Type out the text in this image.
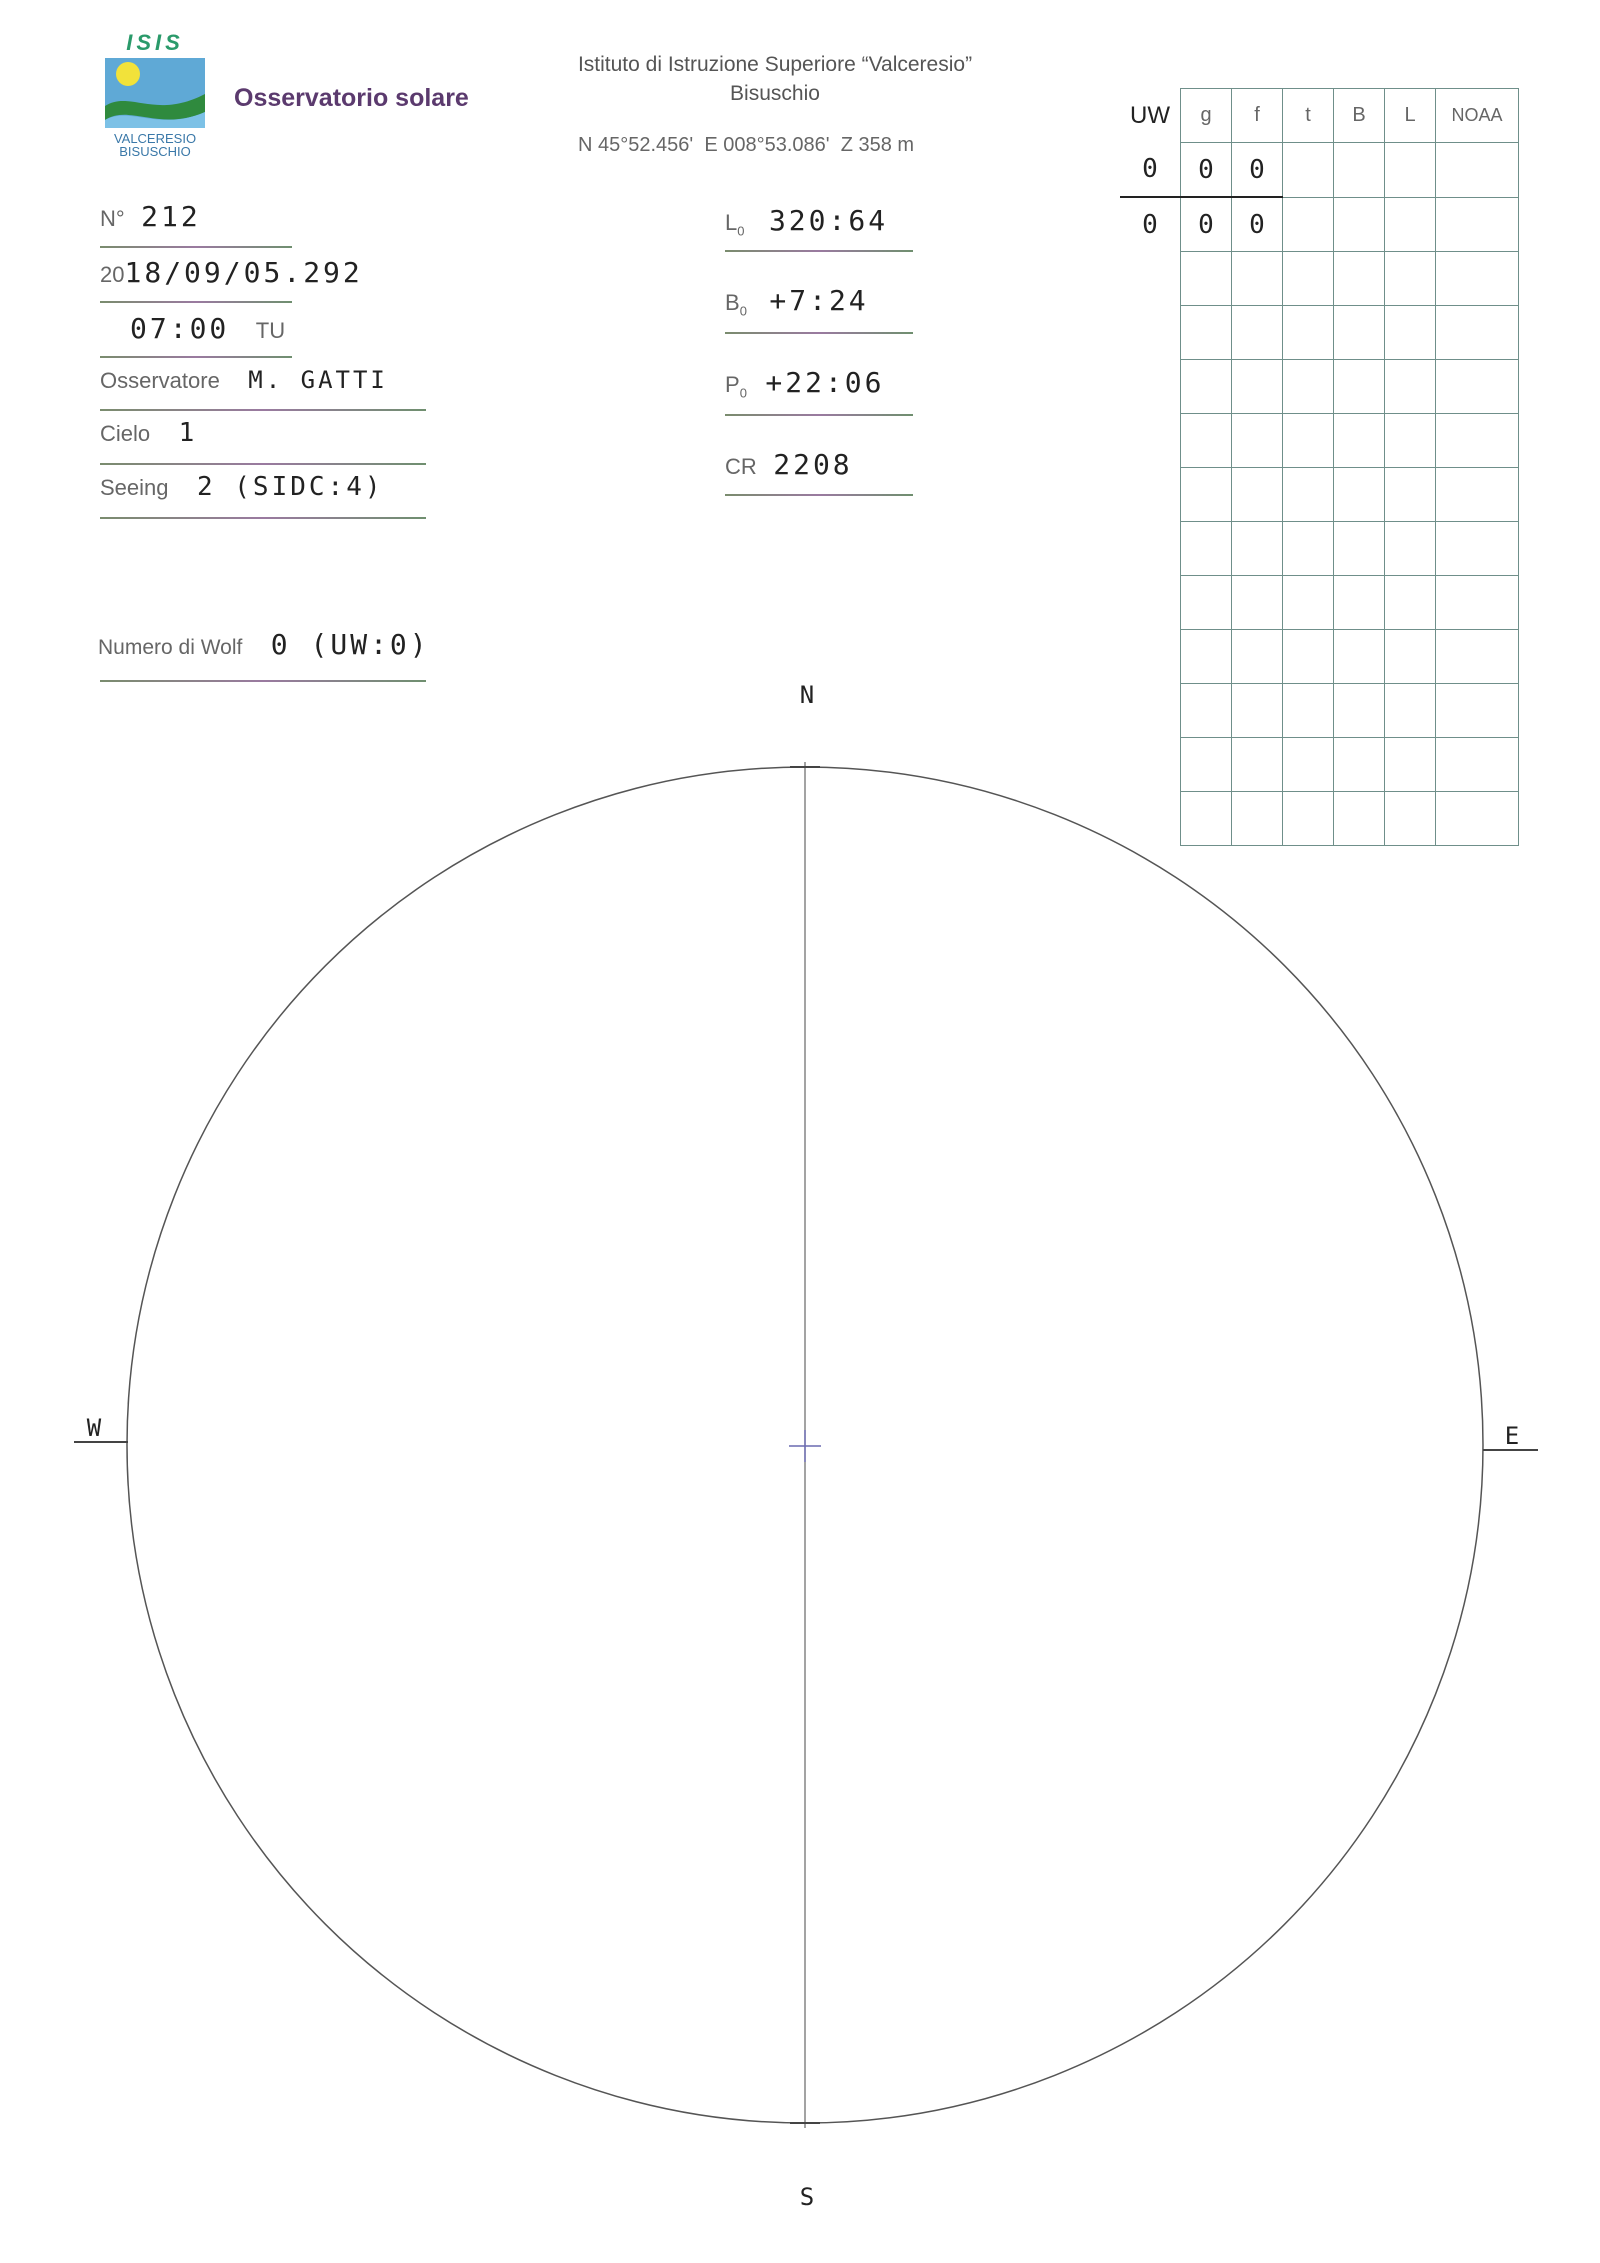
ISIS
VALCERESIO
BISUSCHIO
Osservatorio solare
Istituto di Istruzione Superiore “Valceresio”
Bisuschio
N 45°52.456'  E 008°53.086'  Z 358 m
N° 212
2018/09/05.292
07:00 TU
Osservatore M. GATTI
Cielo 1
Seeing 2 (SIDC:4)
Numero di Wolf 0 (UW:0)
$L_0$ 320:64
$B_0$ +7:24
$P_0$ +22:06
CR 2208
UW	g	f	t	B	L	NOAA
0	0	0				
0	0	0				

N
S
W	E
